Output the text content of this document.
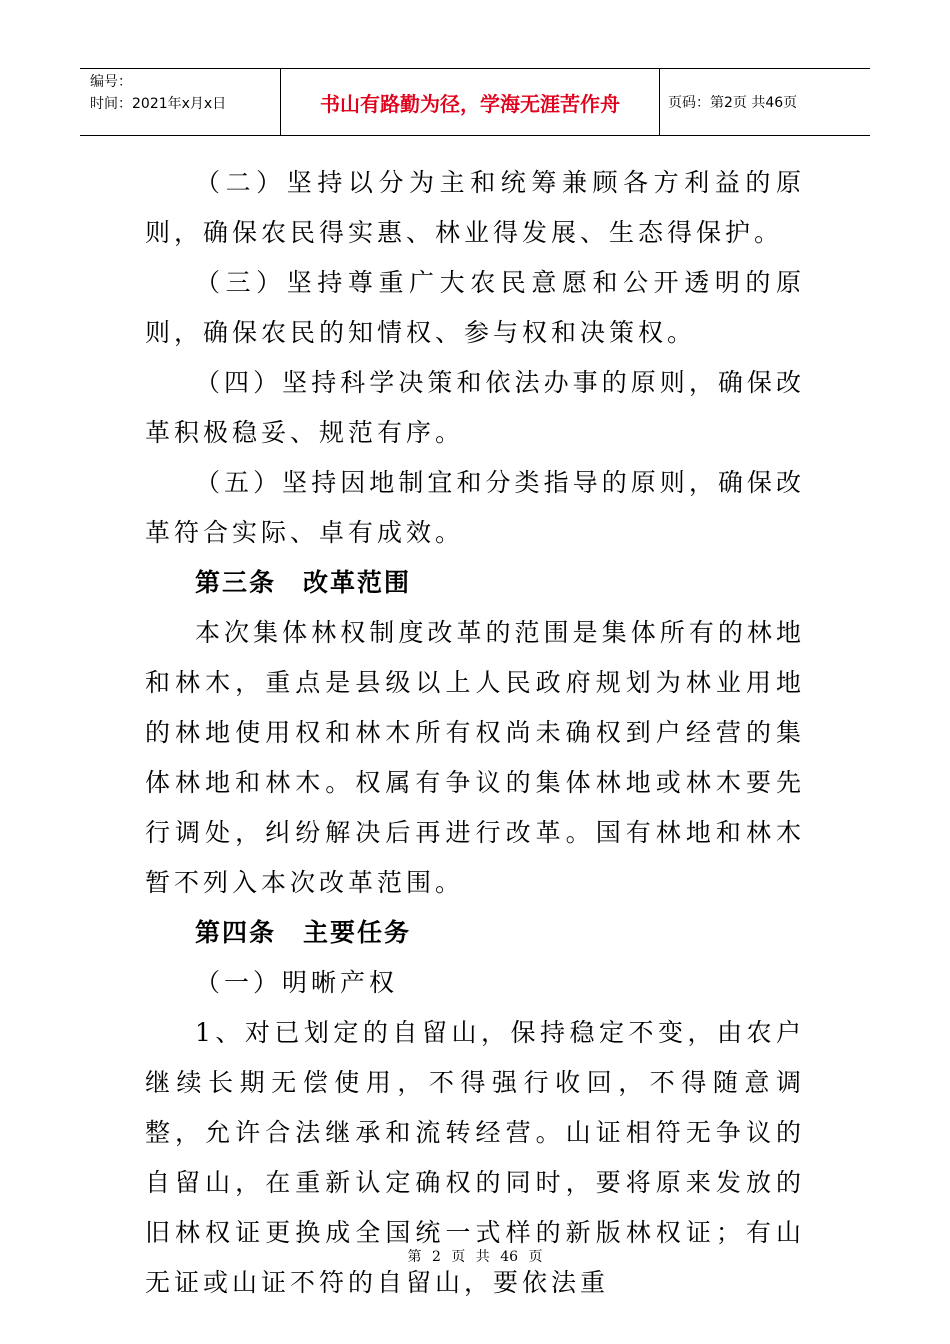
编号：
时间：2021年x月x日	书山有路勤为径，学海无涯苦作舟	页码：第2页 共46页

（二）坚持以分为主和统筹兼顾各方利益的原则，确保农民得实惠、林业得发展、生态得保护。

（三）坚持尊重广大农民意愿和公开透明的原则，确保农民的知情权、参与权和决策权。

（四）坚持科学决策和依法办事的原则，确保改革积极稳妥、规范有序。

（五）坚持因地制宜和分类指导的原则，确保改革符合实际、卓有成效。

第三条　改革范围

本次集体林权制度改革的范围是集体所有的林地和林木，重点是县级以上人民政府规划为林业用地的林地使用权和林木所有权尚未确权到户经营的集体林地和林木。权属有争议的集体林地或林木要先行调处，纠纷解决后再进行改革。国有林地和林木暂不列入本次改革范围。

第四条　主要任务

（一）明晰产权

1、对已划定的自留山，保持稳定不变，由农户继续长期无偿使用，不得强行收回，不得随意调整，允许合法继承和流转经营。山证相符无争议的自留山，在重新认定确权的同时，要将原来发放的旧林权证更换成全国统一式样的新版林权证；有山无证或山证不符的自留山，要依法重

第 2 页 共 46 页
